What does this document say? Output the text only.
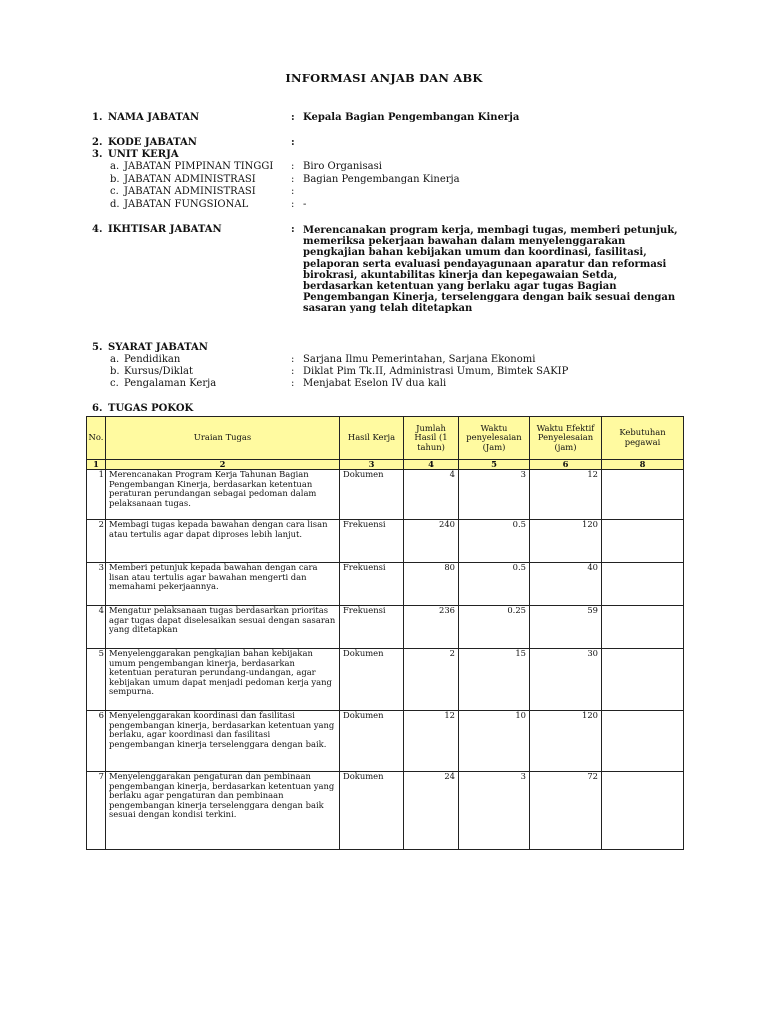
INFORMASI ANJAB DAN ABK
1. NAMA JABATAN	: Kepala Bagian Pengembangan Kinerja
2. KODE JABATAN	:
3. UNIT KERJA
a. JABATAN PIMPINAN TINGGI : Biro Organisasi
b. JABATAN ADMINISTRASI	: Bagian Pengembangan Kinerja
c. JABATAN ADMINISTRASI	:
d. JABATAN FUNGSIONAL	: -
4. IKHTISAR JABATAN	: Merencanakan program kerja, membagi tugas, memberi petunjuk,
memeriksa pekerjaan bawahan dalam menyelenggarakan
pengkajian bahan kebijakan umum dan koordinasi, fasilitasi,
pelaporan serta evaluasi pendayagunaan aparatur dan reformasi
birokrasi, akuntabilitas kinerja dan kepegawaian Setda,
berdasarkan ketentuan yang berlaku agar tugas Bagian
Pengembangan Kinerja, terselenggara dengan baik sesuai dengan
sasaran yang telah ditetapkan
5. SYARAT JABATAN
a. Pendidikan	: Sarjana Ilmu Pemerintahan, Sarjana Ekonomi
b. Kursus/Diklat	: Diklat Pim Tk.II, Administrasi Umum, Bimtek SAKIP
c. Pengalaman Kerja	: Menjabat Eselon IV dua kali
6. TUGAS POKOK
No.	Uraian Tugas	Hasil Kerja	Jumlah Hasil (1 tahun)	Waktu penyelesaian (Jam)	Waktu Efektif Penyelesaian (jam)	Kebutuhan pegawai
1	2	3	4	5	6	8
1	Merencanakan Program Kerja Tahunan Bagian Pengembangan Kinerja, berdasarkan ketentuan peraturan perundangan sebagai pedoman dalam pelaksanaan tugas.	Dokumen	4	3	12	
2	Membagi tugas kepada bawahan dengan cara lisan atau tertulis agar dapat diproses lebih lanjut.	Frekuensi	240	0.5	120	
3	Memberi petunjuk kepada bawahan dengan cara lisan atau tertulis agar bawahan mengerti dan memahami pekerjaannya.	Frekuensi	80	0.5	40	
4	Mengatur pelaksanaan tugas berdasarkan prioritas agar tugas dapat diselesaikan sesuai dengan sasaran yang ditetapkan	Frekuensi	236	0.25	59	
5	Menyelenggarakan pengkajian bahan kebijakan umum pengembangan kinerja, berdasarkan ketentuan peraturan perundang-undangan, agar kebijakan umum dapat menjadi pedoman kerja yang sempurna.	Dokumen	2	15	30	
6	Menyelenggarakan koordinasi dan fasilitasi pengembangan kinerja, berdasarkan ketentuan yang berlaku, agar koordinasi dan fasilitasi pengembangan kinerja terselenggara dengan baik.	Dokumen	12	10	120	
7	Menyelenggarakan pengaturan dan pembinaan pengembangan kinerja, berdasarkan ketentuan yang berlaku agar pengaturan dan pembinaan pengembangan kinerja terselenggara dengan baik sesuai dengan kondisi terkini.	Dokumen	24	3	72	
